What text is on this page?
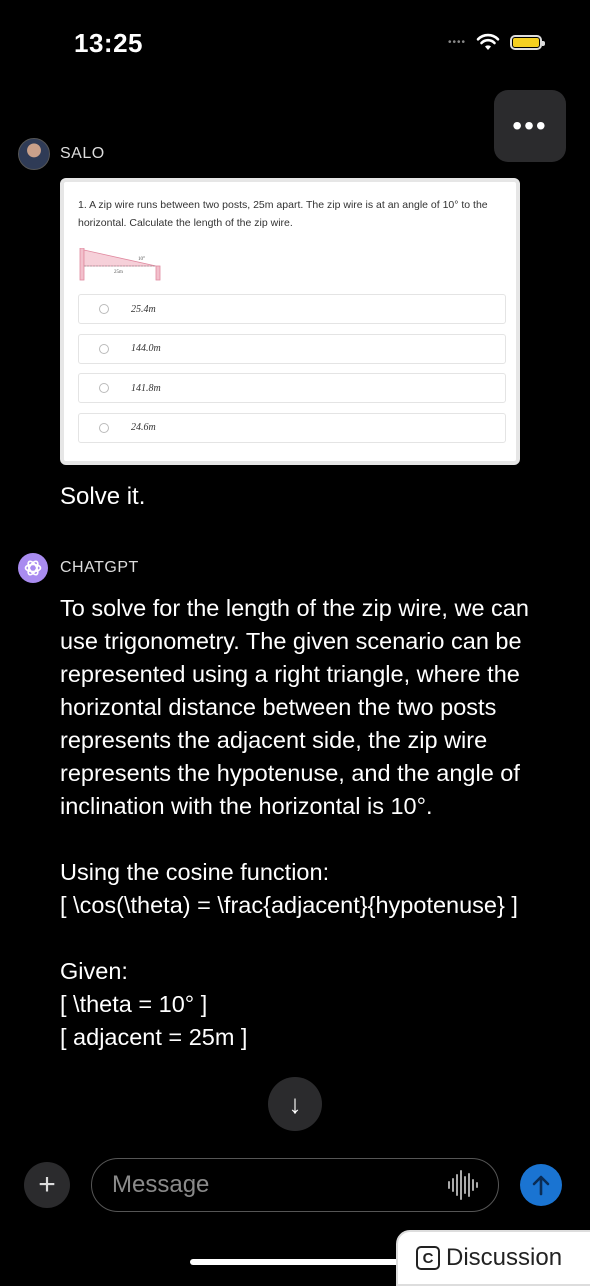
13:25	••••
•••
SALO
1. A zip wire runs between two posts, 25m apart. The zip wire is at an angle of 10° to the horizontal. Calculate the length of the zip wire.
10°
25m
25.4m
144.0m
141.8m
24.6m
Solve it.
CHATGPT

To solve for the length of the zip wire, we can use trigonometry. The given scenario can be represented using a right triangle, where the horizontal distance between the two posts represents the adjacent side, the zip wire represents the hypotenuse, and the angle of inclination with the horizontal is 10°.

Using the cosine function:

[ \cos(\theta) = \frac{adjacent}{hypotenuse} ]

Given:

[ \theta = 10° ]

[ adjacent = 25m ]

↓
+ Message
C Discussion
